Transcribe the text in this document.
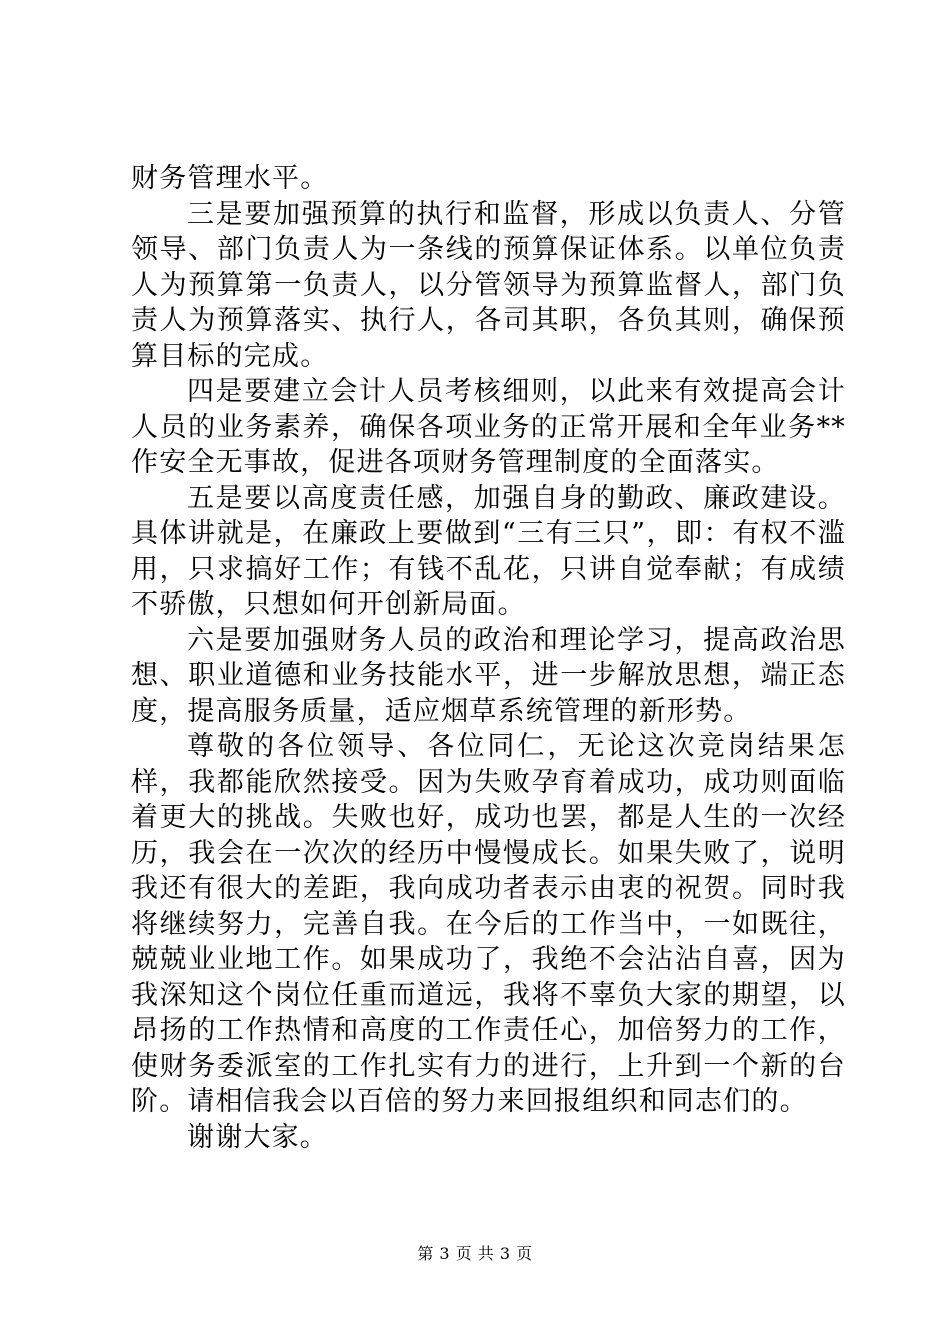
财务管理水平。

三是要加强预算的执行和监督，形成以负责人、分管领导、部门负责人为一条线的预算保证体系。以单位负责人为预算第一负责人，以分管领导为预算监督人，部门负责人为预算落实、执行人，各司其职，各负其则，确保预算目标的完成。

四是要建立会计人员考核细则，以此来有效提高会计人员的业务素养，确保各项业务的正常开展和全年业务**作安全无事故，促进各项财务管理制度的全面落实。

五是要以高度责任感，加强自身的勤政、廉政建设。具体讲就是，在廉政上要做到“三有三只”，即：有权不滥用，只求搞好工作；有钱不乱花，只讲自觉奉献；有成绩不骄傲，只想如何开创新局面。

六是要加强财务人员的政治和理论学习，提高政治思想、职业道德和业务技能水平，进一步解放思想，端正态度，提高服务质量，适应烟草系统管理的新形势。

尊敬的各位领导、各位同仁，无论这次竞岗结果怎样，我都能欣然接受。因为失败孕育着成功，成功则面临着更大的挑战。失败也好，成功也罢，都是人生的一次经历，我会在一次次的经历中慢慢成长。如果失败了，说明我还有很大的差距，我向成功者表示由衷的祝贺。同时我将继续努力，完善自我。在今后的工作当中，一如既往，兢兢业业地工作。如果成功了，我绝不会沾沾自喜，因为我深知这个岗位任重而道远，我将不辜负大家的期望，以昂扬的工作热情和高度的工作责任心，加倍努力的工作，使财务委派室的工作扎实有力的进行，上升到一个新的台阶。请相信我会以百倍的努力来回报组织和同志们的。

谢谢大家。

第 3 页 共 3 页
